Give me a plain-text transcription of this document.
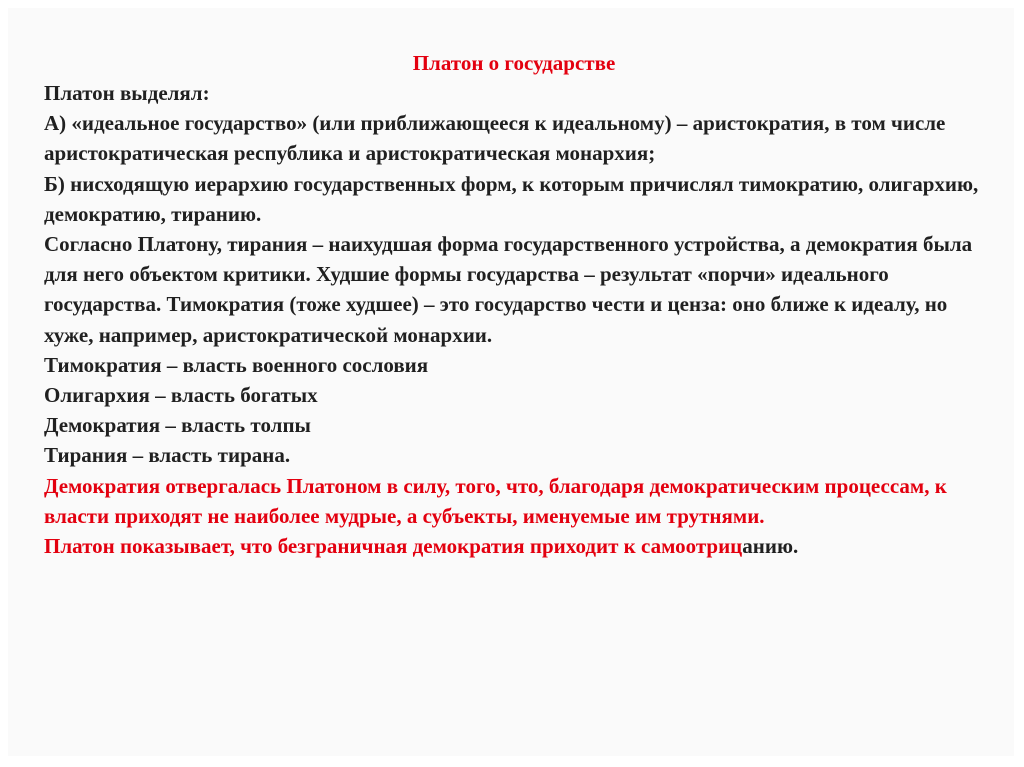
Платон о государстве

Платон выделял:

А) «идеальное государство» (или приближающееся к идеальному) – аристократия, в том числе аристократическая республика и аристократическая монархия;

Б) нисходящую иерархию государственных форм, к которым причислял тимократию, олигархию, демократию, тиранию.

Согласно Платону, тирания – наихудшая форма государственного устройства, а демократия была для него объектом критики. Худшие формы государства – результат «порчи» идеального государства. Тимократия (тоже худшее) – это государство чести и ценза: оно ближе к идеалу, но хуже, например, аристократической монархии.

Тимократия – власть военного сословия

Олигархия – власть богатых

Демократия – власть толпы

Тирания – власть тирана.

Демократия отвергалась Платоном в силу, того, что, благодаря демократическим процессам, к власти приходят не наиболее мудрые, а субъекты, именуемые им трутнями.

Платон показывает, что безграничная демократия приходит к самоотрицанию.
